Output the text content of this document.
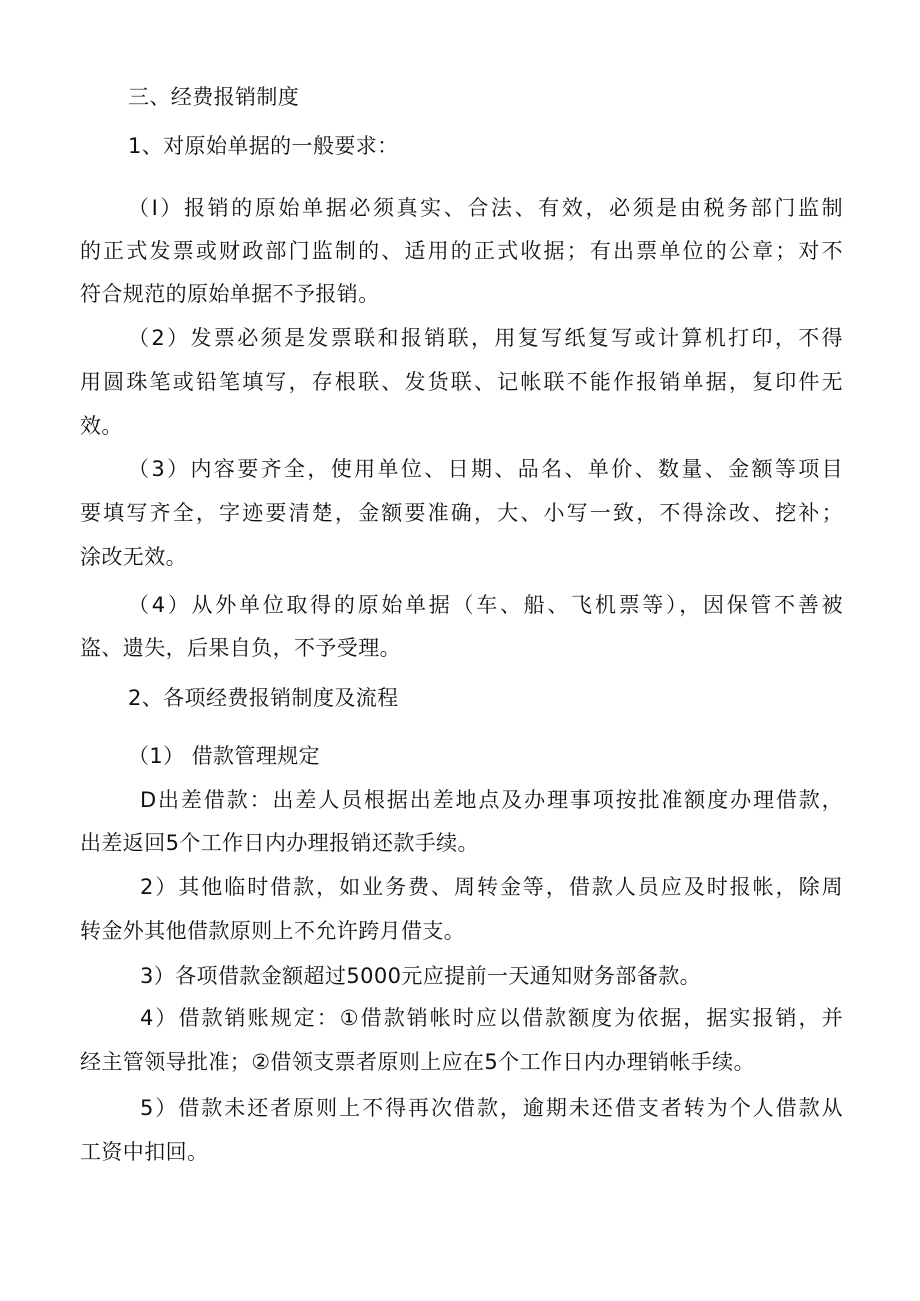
三、经费报销制度
1、对原始单据的一般要求：
（I）报销的原始单据必须真实、合法、有效，必须是由税务部门监制
的正式发票或财政部门监制的、适用的正式收据；有出票单位的公章；对不
符合规范的原始单据不予报销。
（2）发票必须是发票联和报销联，用复写纸复写或计算机打印，不得
用圆珠笔或铅笔填写，存根联、发货联、记帐联不能作报销单据，复印件无
效。
（3）内容要齐全，使用单位、日期、品名、单价、数量、金额等项目
要填写齐全，字迹要清楚，金额要准确，大、小写一致，不得涂改、挖补；
涂改无效。
（4）从外单位取得的原始单据（车、船、飞机票等），因保管不善被
盗、遗失，后果自负，不予受理。
2、各项经费报销制度及流程
（1） 借款管理规定
D出差借款：出差人员根据出差地点及办理事项按批准额度办理借款，
出差返回5个工作日内办理报销还款手续。
2）其他临时借款，如业务费、周转金等，借款人员应及时报帐，除周
转金外其他借款原则上不允许跨月借支。
3）各项借款金额超过5000元应提前一天通知财务部备款。
4）借款销账规定：①借款销帐时应以借款额度为依据，据实报销，并
经主管领导批准；②借领支票者原则上应在5个工作日内办理销帐手续。
5）借款未还者原则上不得再次借款，逾期未还借支者转为个人借款从
工资中扣回。
